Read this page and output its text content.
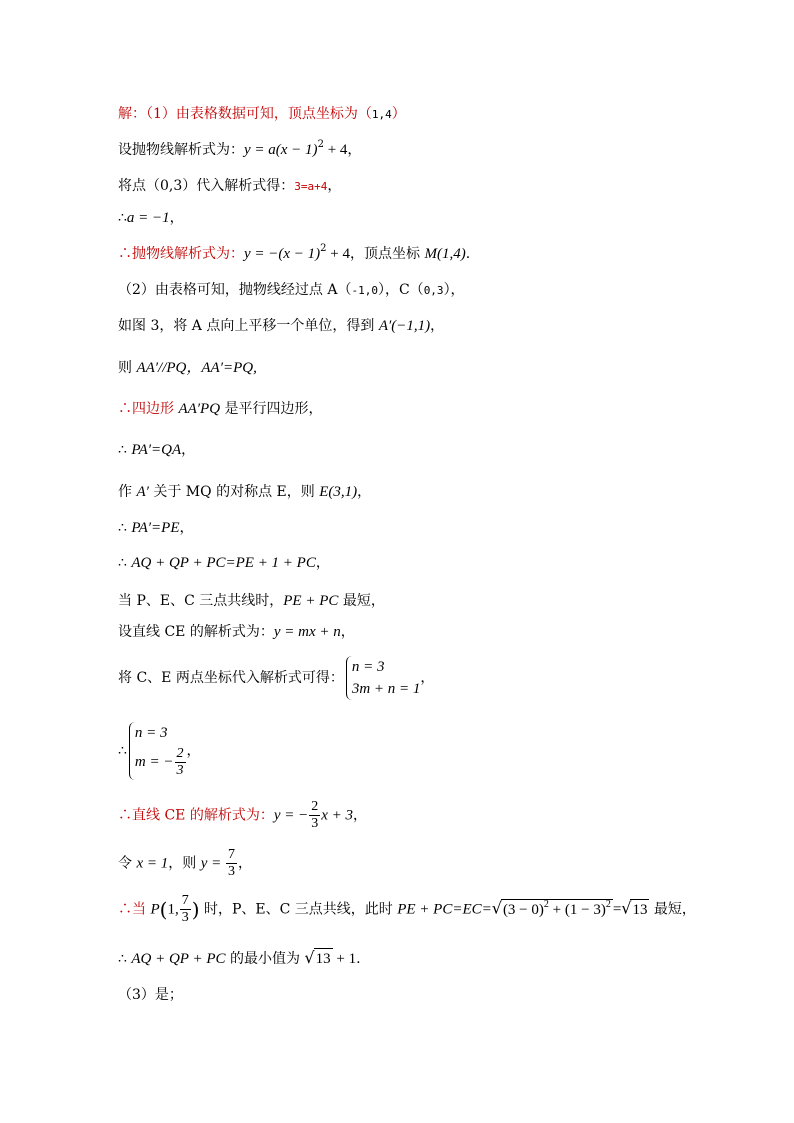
解：（1）由表格数据可知，顶点坐标为（1,4）
设抛物线解析式为：$y = a(x - 1)^2 + 4$，
将点（0,3）代入解析式得：3=a+4，
∴a = −1，
∴抛物线解析式为：$y = -(x - 1)^2 + 4$，顶点坐标 M(1,4).
（2）由表格可知，抛物线经过点 A（-1,0），C（0,3），
如图 3，将 A 点向上平移一个单位，得到 A′(−1,1)，
则 AA′//PQ，AA′=PQ,
∴四边形 AA′PQ 是平行四边形，
∴ PA′=QA，
作 A′ 关于 MQ 的对称点 E，则 E(3,1)，
∴ PA′=PE，
∴ AQ + QP + PC=PE + 1 + PC，
当 P、E、C 三点共线时，PE + PC 最短，
设直线 CE 的解析式为：y = mx + n，
将 C、E 两点坐标代入解析式可得：
n = 3
3m + n = 1
，
∴
n = 3
m = − $\frac{2}{3}$ ，
∴直线 CE 的解析式为：y = − $\frac{2}{3}$ x + 3，
令 x = 1，则 $y = \frac{7}{3}$ ，
∴当 P(1, $\frac{7}{3}$ ) 时，P、E、C 三点共线，此时 PE + $PC=EC=√(3 - 0)^2 + (1 - 3)^2 =√13$ 最短，
∴ AQ + QP + PC 的最小值为 √13 + 1.
（3）是；
